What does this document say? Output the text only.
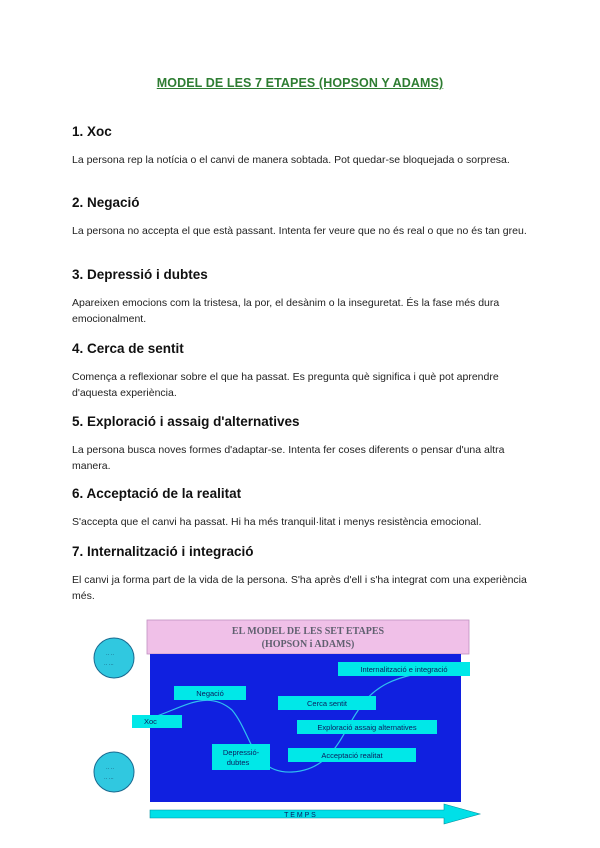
MODEL DE LES 7 ETAPES (HOPSON Y ADAMS)
1. Xoc

La persona rep la notícia o el canvi de manera sobtada. Pot quedar-se bloquejada o sorpresa.

2. Negació

La persona no accepta el que està passant. Intenta fer veure que no és real o que no és tan greu.

3. Depressió i dubtes

Apareixen emocions com la tristesa, la por, el desànim o la inseguretat. És la fase més dura emocionalment.

4. Cerca de sentit

Comença a reflexionar sobre el que ha passat. Es pregunta què significa i què pot aprendre d'aquesta experiència.

5. Exploració i assaig d'alternatives

La persona busca noves formes d'adaptar-se. Intenta fer coses diferents o pensar d'una altra manera.

6. Acceptació de la realitat

S'accepta que el canvi ha passat. Hi ha més tranquil·litat i menys resistència emocional.

7. Internalització i integració

El canvi ja forma part de la vida de la persona. S'ha après d'ell i s'ha integrat com una experiència més.

·· ··
·· ···
·· ··
·· ···
EL MODEL DE LES SET ETAPES
(HOPSON i ADAMS)
Xoc
Negació
Depressió-
dubtes
Cerca sentit
Exploració assaig alternatives
Acceptació realitat
Internalització e integració
T E M P S
